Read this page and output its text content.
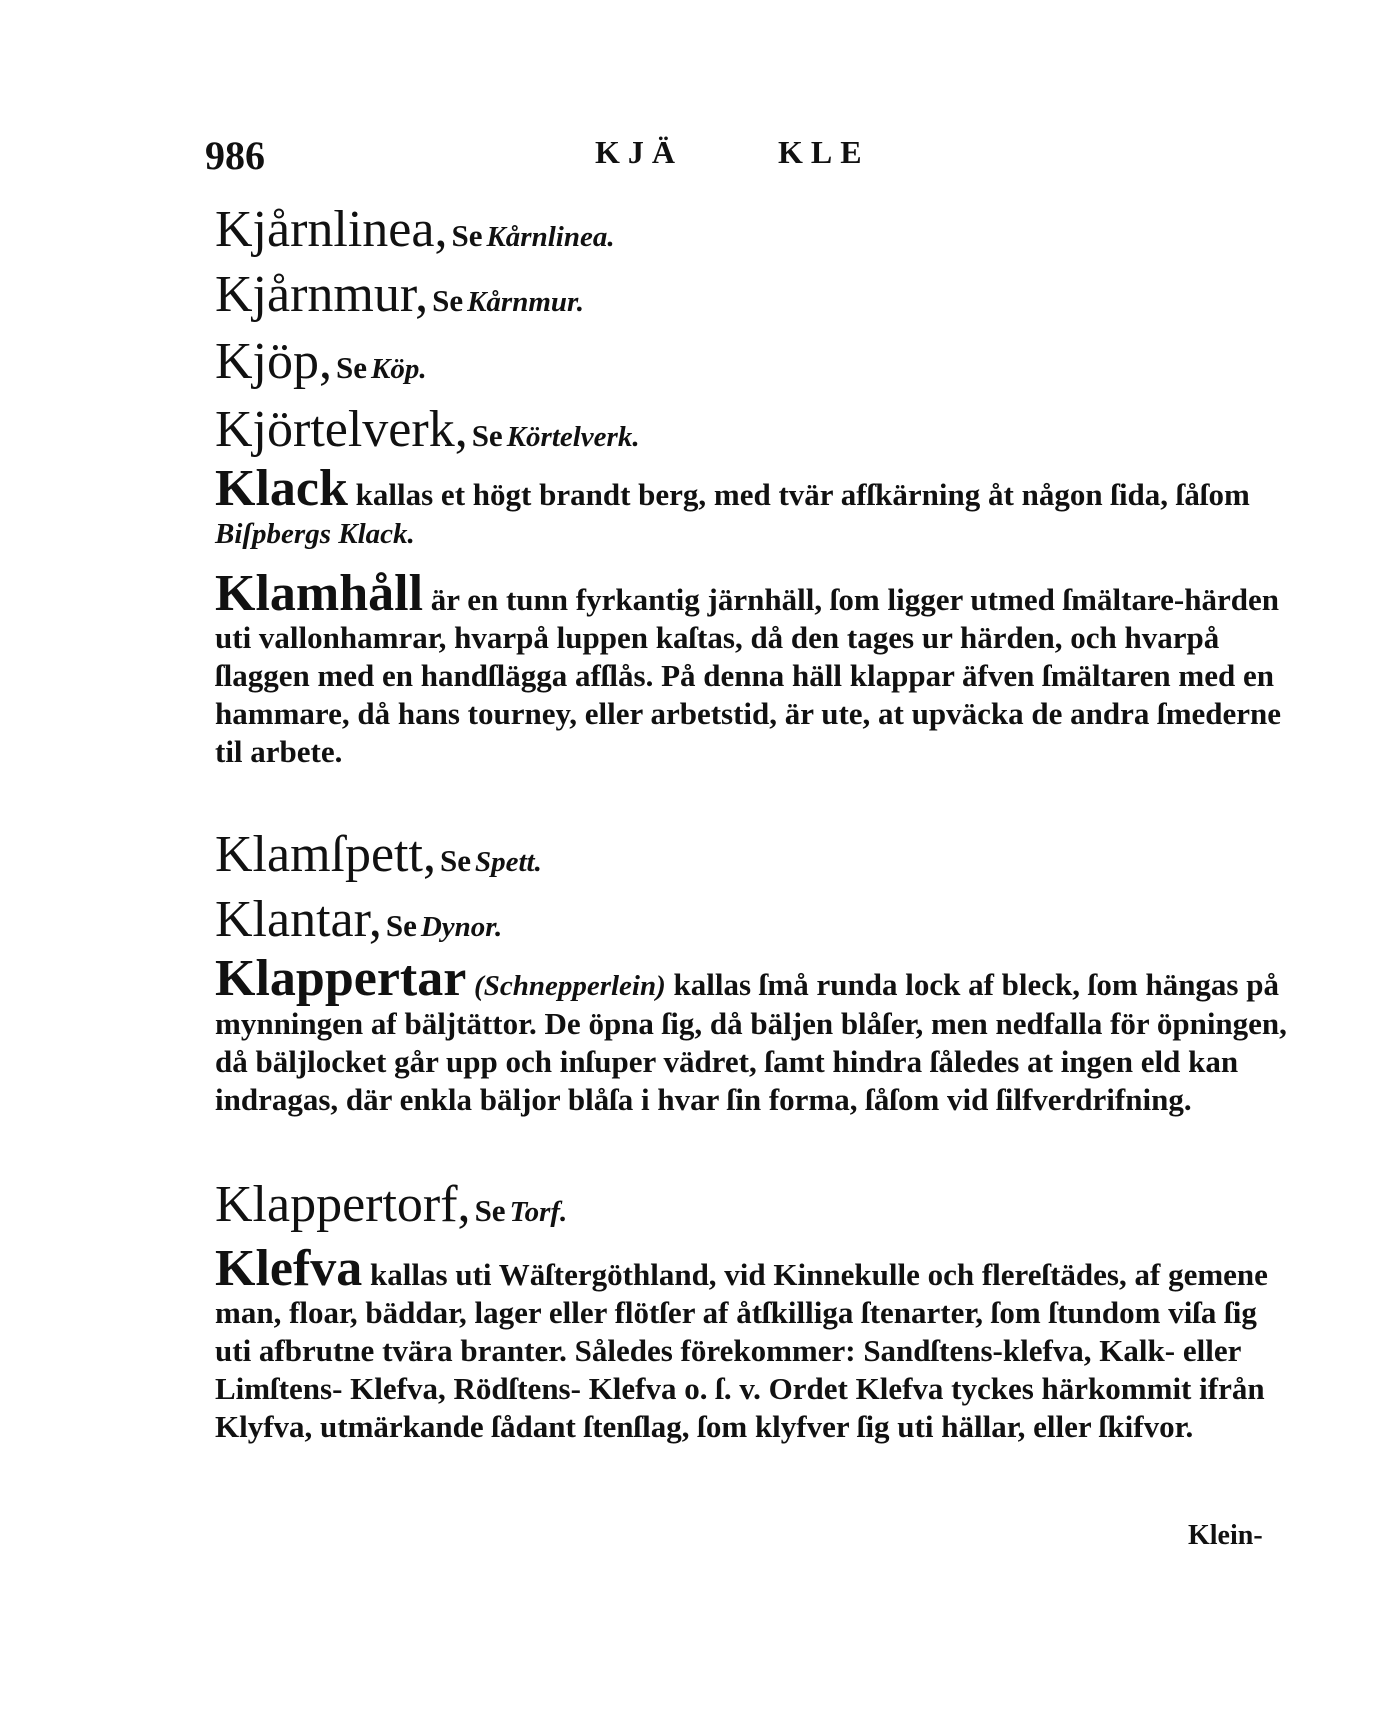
986	KJÄ	KLE
Kjårnlinea, Se Kårnlinea.
Kjårnmur, Se Kårnmur.
Kjöp, Se Köp.
Kjörtelverk, Se Körtelverk.
Klack kallas et högt brandt berg, med tvär afſkärning åt någon ſida, ſåſom Biſpbergs Klack.
Klamhåll är en tunn fyrkantig järnhäll, ſom ligger utmed ſmältare-härden uti vallonhamrar, hvarpå luppen kaſtas, då den tages ur härden, och hvarpå ſlaggen med en handſlägga afſlås. På denna häll klappar äfven ſmältaren med en hammare, då hans tourney, eller arbetstid, är ute, at upväcka de andra ſmederne til arbete.
Klamſpett, Se Spett.
Klantar, Se Dynor.
Klappertar (Schnepperlein) kallas ſmå runda lock af bleck, ſom hängas på mynningen af bäljtättor. De öpna ſig, då bäljen blåſer, men nedfalla för öpningen, då bäljlocket går upp och inſuper vädret, ſamt hindra ſåledes at ingen eld kan indragas, där enkla bäljor blåſa i hvar ſin forma, ſåſom vid ſilfverdrifning.
Klappertorf, Se Torf.
Klefva kallas uti Wäſtergöthland, vid Kinnekulle och flereſtädes, af gemene man, floar, bäddar, lager eller flötſer af åtſkilliga ſtenarter, ſom ſtundom viſa ſig uti afbrutne tvära branter. Således förekommer: Sandſtens-klefva, Kalk- eller Limſtens- Klefva, Rödſtens- Klefva o. ſ. v. Ordet Klefva tyckes härkommit ifrån Klyfva, utmärkande ſådant ſtenſlag, ſom klyfver ſig uti hällar, eller ſkifvor.
Klein-
